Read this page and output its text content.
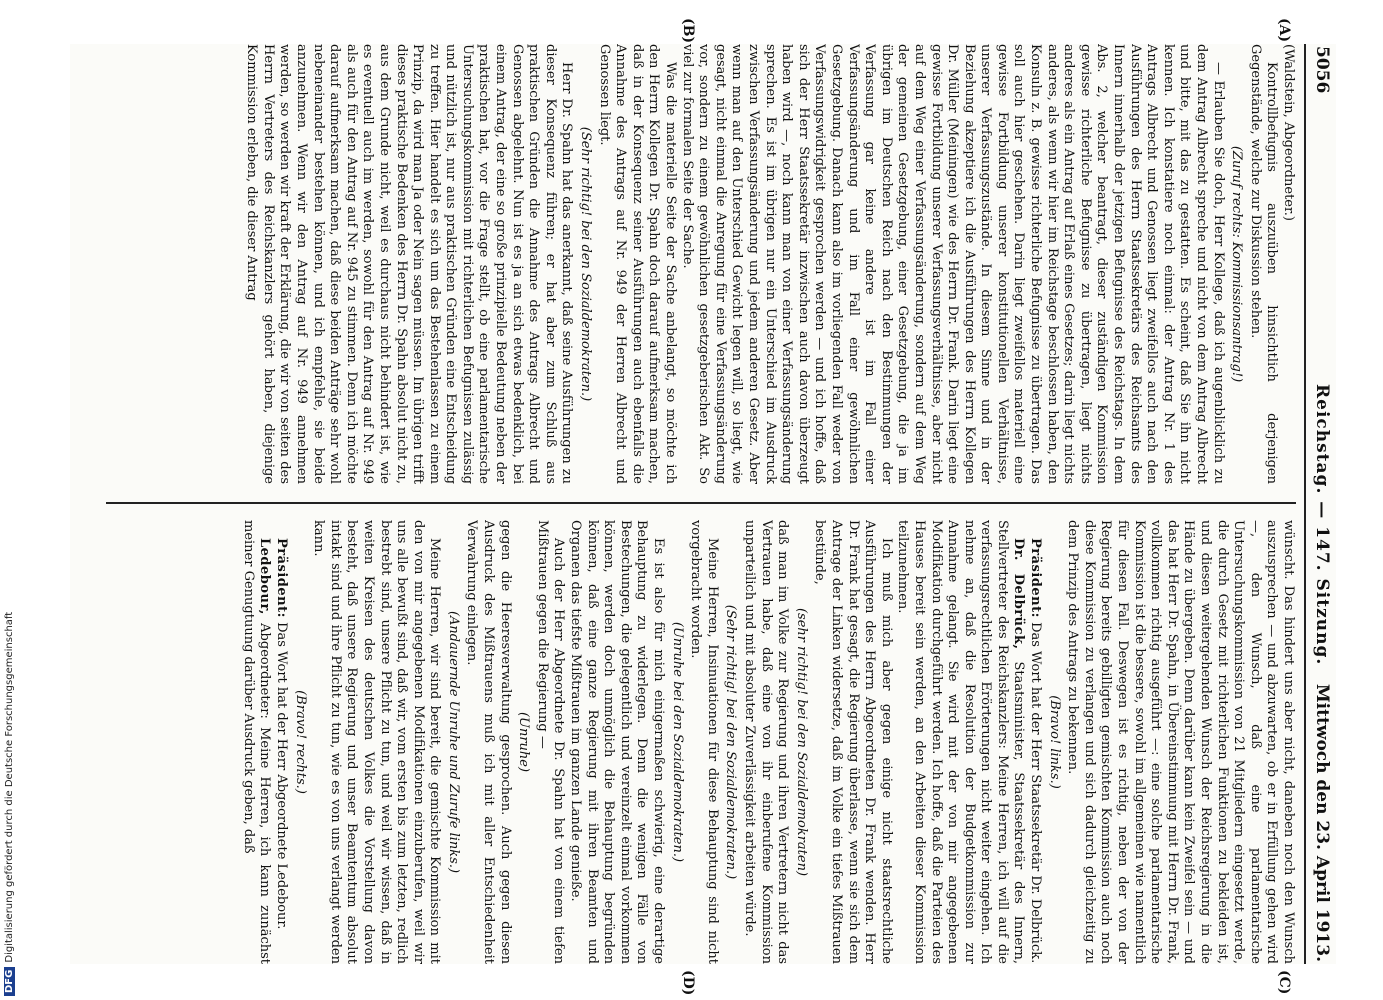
5056
Reichstag. — 147. Sitzung.
Mittwoch den 23. April 1913.
(A)
(B)
(C)
(D)

(Waldstein, Abgeordneter.)

Kontrollbefugnis auszuüben hinsichtlich derjenigen Gegenstände, welche zur Diskussion stehen.

(Zuruf rechts: Kommissionsantrag!)

— Erlauben Sie doch, Herr Kollege, daß ich augenblicklich zu dem Antrag Albrecht spreche und nicht von dem Antrag Albrecht und bitte, mit das zu gestatten. Es scheint, daß Sie ihn nicht kennen. Ich konstatiere noch einmal: der Antrag Nr. 1 des Antrags Albrecht und Genossen liegt zweifellos auch nach den Ausführungen des Herrn Staatssekretärs des Reichsamts des Innern innerhalb der jetzigen Befugnisse des Reichstags. In dem Abs. 2, welcher beantragt, dieser zuständigen Kommission gewisse richterliche Befugnisse zu übertragen, liegt nichts anderes als ein Antrag auf Erlaß eines Gesetzes; darin liegt nichts anderes, als wenn wir hier im Reichstage beschlossen haben, den Konsuln z. B. gewisse richterliche Befugnisse zu übertragen. Das soll auch hier geschehen. Darin liegt zweifellos materiell eine gewisse Fortbildung unserer konstitutionellen Verhältnisse, unserer Verfassungszustände. In diesem Sinne und in der Beziehung akzeptiere ich die Ausführungen des Herrn Kollegen Dr. Müller (Meiningen) wie des Herrn Dr. Frank. Darin liegt eine gewisse Fortbildung unserer Verfassungsverhältnisse, aber nicht auf dem Weg einer Verfassungsänderung, sondern auf dem Weg der gemeinen Gesetzgebung, einer Gesetzgebung, die ja im übrigen im Deutschen Reich nach den Bestimmungen der Verfassung gar keine andere ist im Fall einer Verfassungsänderung und im Fall einer gewöhnlichen Gesetzgebung. Danach kann also im vorliegenden Fall weder von Verfassungswidrigkeit gesprochen werden — und ich hoffe, daß sich der Herr Staatssekretär inzwischen auch davon überzeugt haben wird —, noch kann man von einer Verfassungsänderung sprechen. Es ist im übrigen nur ein Unterschied im Ausdruck zwischen Verfassungsänderung und jedem anderen Gesetz. Aber wenn man auf den Unterschied Gewicht legen will, so liegt, wie gesagt, nicht einmal die Anregung für eine Verfassungsänderung vor, sondern zu einem gewöhnlichen gesetzgeberischen Akt. So viel zur formalen Seite der Sache.

Was die materielle Seite der Sache anbelangt, so möchte ich den Herrn Kollegen Dr. Spahn doch darauf aufmerksam machen, daß in der Konsequenz seiner Ausführungen auch ebenfalls die Annahme des Antrags auf Nr. 949 der Herren Albrecht und Genossen liegt.

(Sehr richtig! bei den Sozialdemokraten.)

Herr Dr. Spahn hat das anerkannt, daß seine Ausführungen zu dieser Konsequenz führen; er hat aber zum Schluß aus praktischen Gründen die Annahme des Antrags Albrecht und Genossen abgelehnt. Nun ist es ja an sich etwas bedenklich, bei einem Antrag, der eine so große prinzipielle Bedeutung neben der praktischen hat, vor die Frage stellt, ob eine parlamentarische Untersuchungskommission mit richterlichen Befugnissen zulässig und nützlich ist, nur aus praktischen Gründen eine Entscheidung zu treffen. Hier handelt es sich um das Bestehenlassen zu einem Prinzip, da wird man Ja oder Nein sagen müssen. Im übrigen trifft dieses praktische Bedenken des Herrn Dr. Spahn absolut nicht zu, aus dem Grunde nicht, weil es durchaus nicht behindert ist, wie es eventuell auch im werden, sowohl für den Antrag auf Nr. 949 als auch für den Antrag auf Nr. 945 zu stimmen. Denn ich möchte darauf aufmerksam machen, daß diese beiden Anträge sehr wohl nebeneinander bestehen können, und ich empfehle, sie beide anzunehmen. Wenn wir den Antrag auf Nr. 949 annehmen werden, so werden wir kraft der Erklärung, die wir von seiten des Herrn Vertreters des Reichskanzlers gehört haben, diejenige Kommission erleben, die dieser Antrag

wünscht. Das hindert uns aber nicht, daneben noch den Wunsch auszusprechen — und abzuwarten, ob er in Erfüllung gehen wird —, den Wunsch, daß eine parlamentarische Untersuchungskommission von 21 Mitgliedern eingesetzt werde, die durch Gesetz mit richterlichen Funktionen zu bekleiden ist, und diesen weitergehenden Wunsch der Reichsregierung in die Hände zu übergeben. Denn darüber kann kein Zweifel sein — und das hat Herr Dr. Spahn, in Übereinstimmung mit Herrn Dr. Frank, vollkommen richtig ausgeführt —: eine solche parlamentarische Kommission ist die bessere, sowohl im allgemeinen wie namentlich für diesen Fall. Deswegen ist es richtig, neben der von der Regierung bereits gebilligten gemischten Kommission auch noch diese Kommission zu verlangen und sich dadurch gleichzeitig zu dem Prinzip des Antrags zu bekennen.

(Bravo! links.)

Präsident: Das Wort hat der Herr Staatssekretär Dr. Delbrück.

Dr. Delbrück, Staatsminister, Staatssekretär des Innern, Stellvertreter des Reichskanzlers: Meine Herren, ich will auf die verfassungsrechtlichen Erörterungen nicht weiter eingehen. Ich nehme an, daß die Resolution der Budgetkommission zur Annahme gelangt. Sie wird mit der von mir angegebenen Modifikation durchgeführt werden. Ich hoffe, daß die Parteien des Hauses bereit sein werden, an den Arbeiten dieser Kommission teilzunehmen.

Ich muß mich aber gegen einige nicht staatsrechtliche Ausführungen des Herrn Abgeordneten Dr. Frank wenden. Herr Dr. Frank hat gesagt, die Regierung überlasse, wenn sie sich dem Antrage der Linken widersetze, daß im Volke ein tiefes Mißtrauen bestünde,

(sehr richtig! bei den Sozialdemokraten)

daß man im Volke zur Regierung und ihren Vertretern nicht das Vertrauen habe, daß eine von ihr einberufene Kommission unparteilich und mit absoluter Zuverlässigkeit arbeiten würde.

(Sehr richtig! bei den Sozialdemokraten.)

Meine Herren, Insinuationen für diese Behauptung sind nicht vorgebracht worden.

(Unruhe bei den Sozialdemokraten.)

Es ist also für mich einigermaßen schwierig, eine derartige Behauptung zu widerlegen. Denn die wenigen Fälle von Bestechungen, die gelegentlich und vereinzelt einmal vorkommen können, werden doch unmöglich die Behauptung begründen können, daß eine ganze Regierung mit ihren Beamten und Organen das tiefste Mißtrauen im ganzen Lande genieße.

Auch der Herr Abgeordnete Dr. Spahn hat von einem tiefen Mißtrauen gegen die Regierung —

(Unruhe)

gegen die Heeresverwaltung gesprochen. Auch gegen diesen Ausdruck des Mißtrauens muß ich mit aller Entschiedenheit Verwahrung einlegen.

(Andauernde Unruhe und Zurufe links.)

Meine Herren, wir sind bereit, die gemischte Kommission mit den von mir angegebenen Modifikationen einzuberufen, weil wir uns alle bewußt sind, daß wir, vom ersten bis zum letzten, redlich bestrebt sind, unsere Pflicht zu tun, und weil wir wissen, daß in weiten Kreisen des deutschen Volkes die Vorstellung davon besteht, daß unsere Regierung und unser Beamtentum absolut intakt sind und ihre Pflicht zu tun, wie es von uns verlangt werden kann.

(Bravo! rechts.)

Präsident: Das Wort hat der Herr Abgeordnete Ledebour.

Ledebour, Abgeordneter: Meine Herren, ich kann zunächst meiner Genugtuung darüber Ausdruck geben, daß

DFGDigitalisierung gefördert durch die Deutsche Forschungsgemeinschaft
